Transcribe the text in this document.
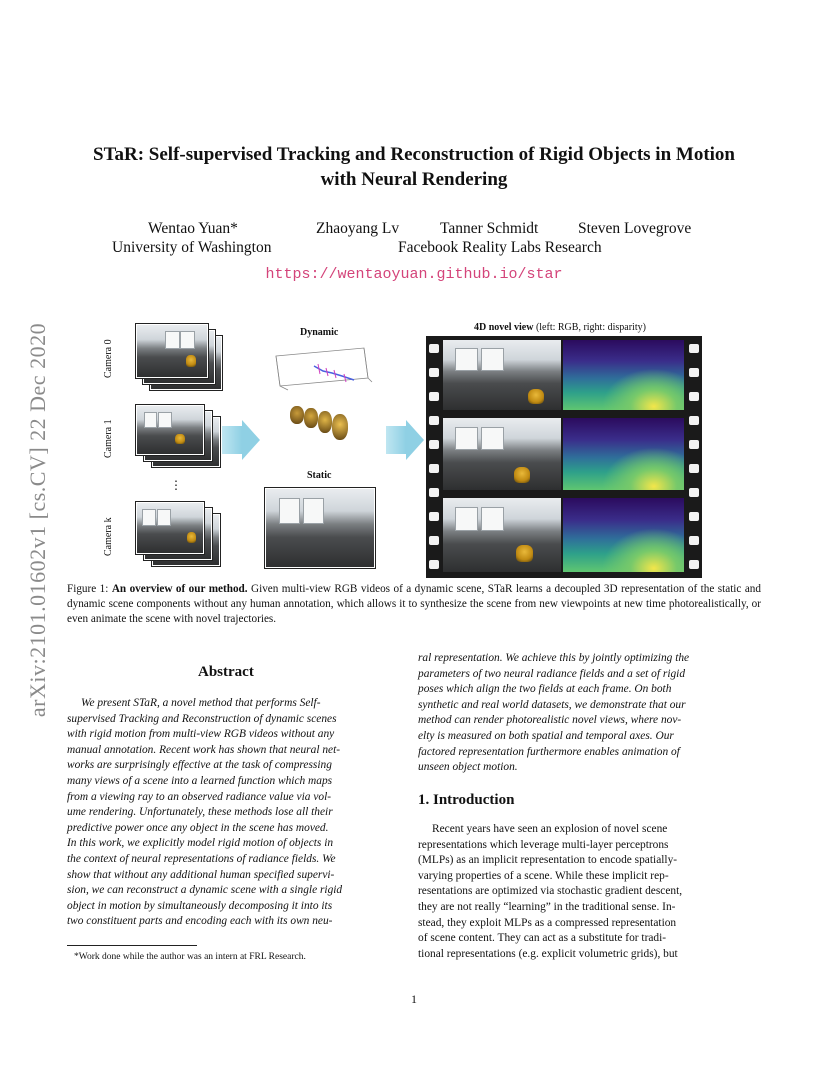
arXiv:2101.01602v1 [cs.CV] 22 Dec 2020
STaR: Self-supervised Tracking and Reconstruction of Rigid Objects in Motion
with Neural Rendering
Wentao Yuan*	Zhaoyang Lv	Tanner Schmidt	Steven Lovegrove
University of Washington	Facebook Reality Labs Research
https://wentaoyuan.github.io/star
Camera 0
Camera 1
Camera k
⋮
Dynamic
Static
4D novel view (left: RGB, right: disparity)
Figure 1: An overview of our method. Given multi-view RGB videos of a dynamic scene, STaR learns a decoupled 3D representation of the static and dynamic scene components without any human annotation, which allows it to synthesize the scene from new viewpoints at new time photorealistically, or even animate the scene with novel trajectories.
Abstract
We present STaR, a novel method that performs Self-
supervised Tracking and Reconstruction of dynamic scenes
with rigid motion from multi-view RGB videos without any
manual annotation. Recent work has shown that neural net-
works are surprisingly effective at the task of compressing
many views of a scene into a learned function which maps
from a viewing ray to an observed radiance value via vol-
ume rendering. Unfortunately, these methods lose all their
predictive power once any object in the scene has moved.
In this work, we explicitly model rigid motion of objects in
the context of neural representations of radiance fields. We
show that without any additional human specified supervi-
sion, we can reconstruct a dynamic scene with a single rigid
object in motion by simultaneously decomposing it into its
two constituent parts and encoding each with its own neu-
ral representation. We achieve this by jointly optimizing the
parameters of two neural radiance fields and a set of rigid
poses which align the two fields at each frame. On both
synthetic and real world datasets, we demonstrate that our
method can render photorealistic novel views, where nov-
elty is measured on both spatial and temporal axes. Our
factored representation furthermore enables animation of
unseen object motion.
1. Introduction
Recent years have seen an explosion of novel scene
representations which leverage multi-layer perceptrons
(MLPs) as an implicit representation to encode spatially-
varying properties of a scene. While these implicit rep-
resentations are optimized via stochastic gradient descent,
they are not really “learning” in the traditional sense. In-
stead, they exploit MLPs as a compressed representation
of scene content. They can act as a substitute for tradi-
tional representations (e.g. explicit volumetric grids), but
*Work done while the author was an intern at FRL Research.
1
